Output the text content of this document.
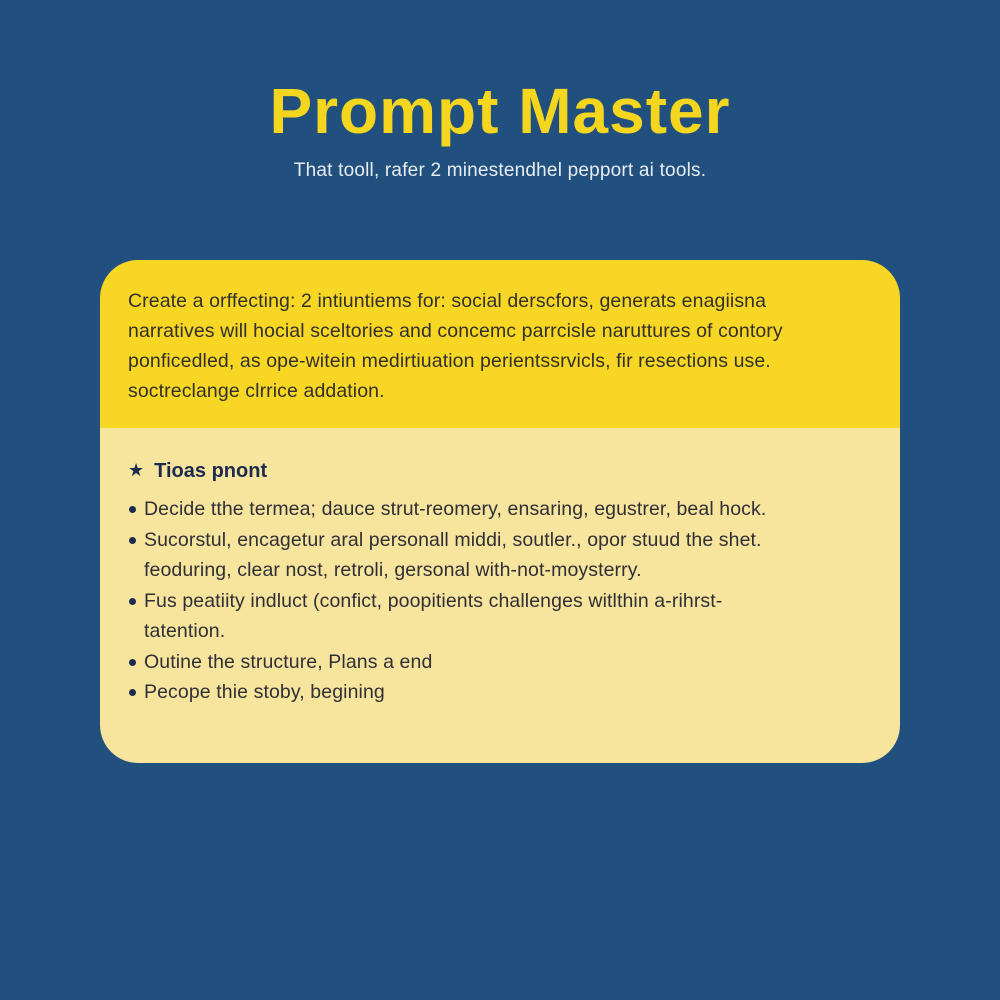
Prompt Master

That tooll, rafer 2 minestendhel pepport ai tools.

Create a orffecting: 2 intiuntiems for: social derscfors, generats enagiisna
narratives will hocial sceltories and concemc parrcisle naruttures of contory
ponficedled, as ope-witein medirtiuation perientssrvicls, fir resections use.
soctreclange clrrice addation.
★ Tioas pnont
Decide tthe termea; dauce strut-reomery, ensaring, egustrer, beal hock.
Sucorstul, encagetur aral personall middi, soutler., opor stuud the shet.
feoduring, clear nost, retroli, gersonal with-not-moysterry.
Fus peatiity indluct (confict, poopitients challenges witlthin a-rihrst-
tatention.
Outine the structure, Plans a end
Pecope thie stoby, begining
